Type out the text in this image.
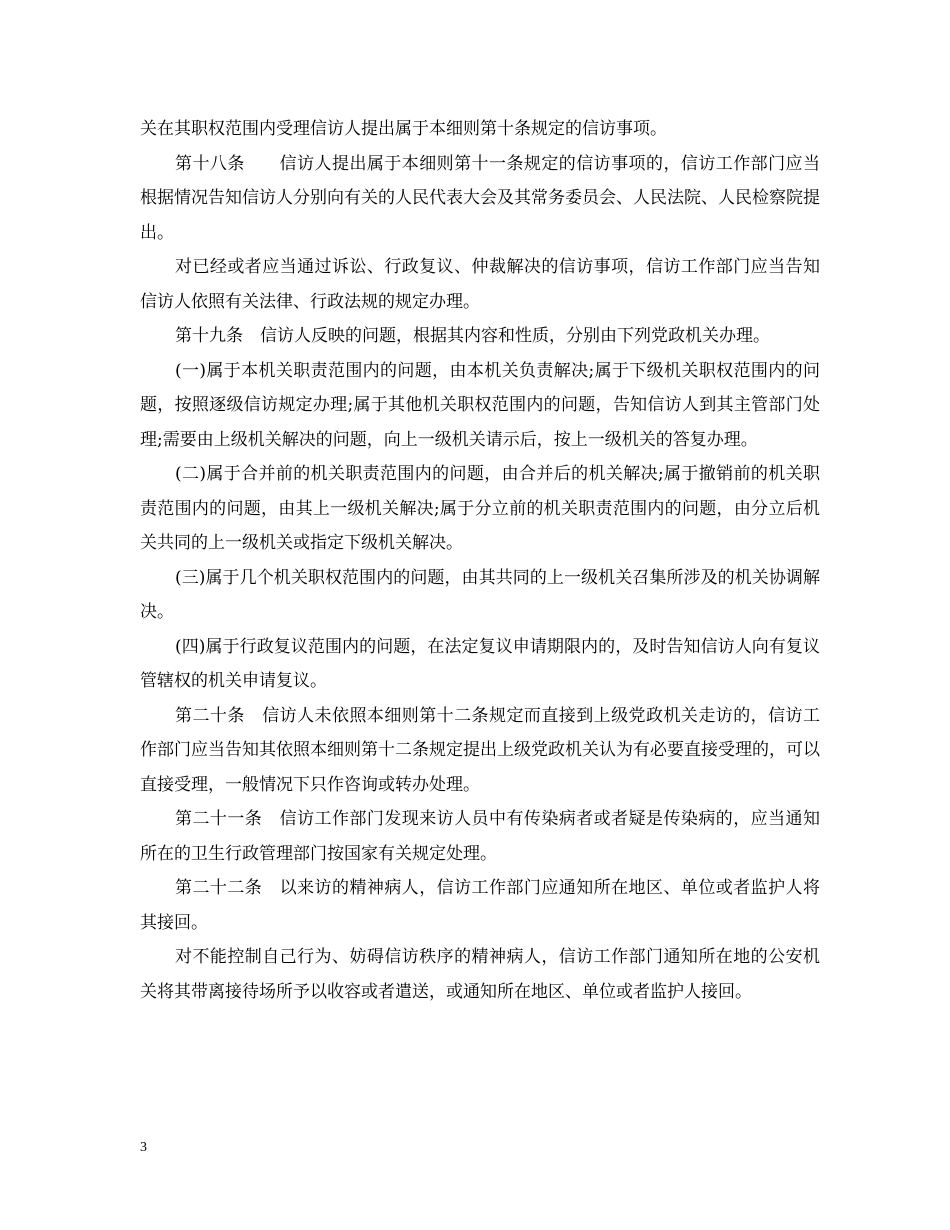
关在其职权范围内受理信访人提出属于本细则第十条规定的信访事项。

第十八条　　信访人提出属于本细则第十一条规定的信访事项的，信访工作部门应当根据情况告知信访人分别向有关的人民代表大会及其常务委员会、人民法院、人民检察院提出。

对已经或者应当通过诉讼、行政复议、仲裁解决的信访事项，信访工作部门应当告知信访人依照有关法律、行政法规的规定办理。

第十九条　信访人反映的问题，根据其内容和性质，分别由下列党政机关办理。

(一)属于本机关职责范围内的问题，由本机关负责解决;属于下级机关职权范围内的问题，按照逐级信访规定办理;属于其他机关职权范围内的问题，告知信访人到其主管部门处理;需要由上级机关解决的问题，向上一级机关请示后，按上一级机关的答复办理。

(二)属于合并前的机关职责范围内的问题，由合并后的机关解决;属于撤销前的机关职责范围内的问题，由其上一级机关解决;属于分立前的机关职责范围内的问题，由分立后机关共同的上一级机关或指定下级机关解决。

(三)属于几个机关职权范围内的问题，由其共同的上一级机关召集所涉及的机关协调解决。

(四)属于行政复议范围内的问题，在法定复议申请期限内的，及时告知信访人向有复议管辖权的机关申请复议。

第二十条　信访人未依照本细则第十二条规定而直接到上级党政机关走访的，信访工作部门应当告知其依照本细则第十二条规定提出上级党政机关认为有必要直接受理的，可以直接受理，一般情况下只作咨询或转办处理。

第二十一条　信访工作部门发现来访人员中有传染病者或者疑是传染病的，应当通知所在的卫生行政管理部门按国家有关规定处理。

第二十二条　以来访的精神病人，信访工作部门应通知所在地区、单位或者监护人将其接回。

对不能控制自己行为、妨碍信访秩序的精神病人，信访工作部门通知所在地的公安机关将其带离接待场所予以收容或者遣送，或通知所在地区、单位或者监护人接回。

3
